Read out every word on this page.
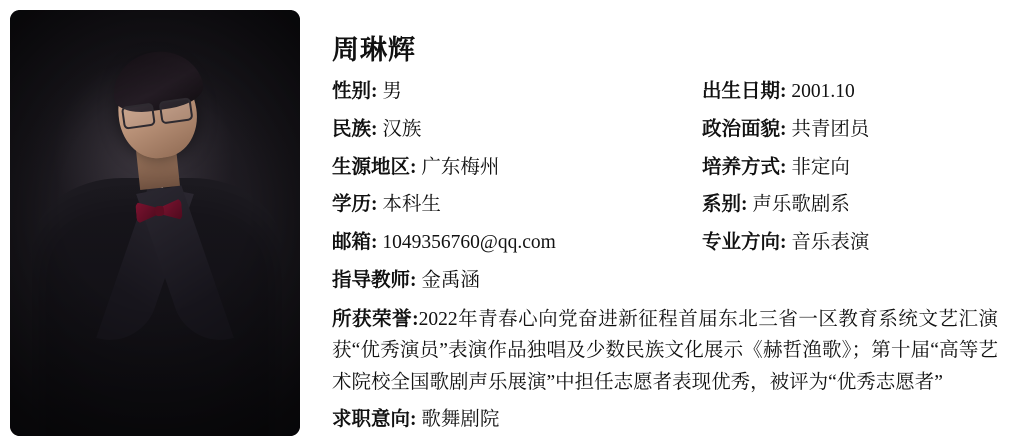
周琳辉
性别: 男	出生日期: 2001.10
民族: 汉族	政治面貌: 共青团员
生源地区: 广东梅州	培养方式: 非定向
学历: 本科生	系别: 声乐歌剧系
邮箱: 1049356760@qq.com	专业方向: 音乐表演
指导教师: 金禹涵
所获荣誉:2022年青春心向党奋进新征程首届东北三省一区教育系统文艺汇演获“优秀演员”表演作品独唱及少数民族文化展示《赫哲渔歌》；第十届“高等艺术院校全国歌剧声乐展演”中担任志愿者表现优秀，被评为“优秀志愿者”
求职意向: 歌舞剧院
